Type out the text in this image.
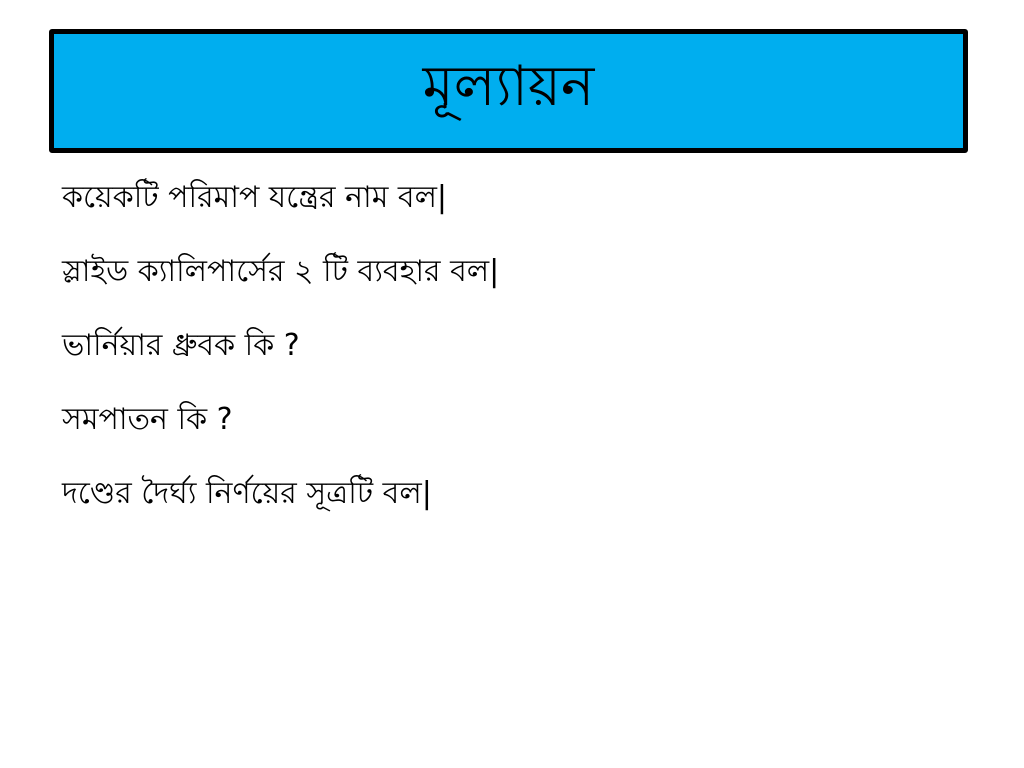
মূল্যায়ন
কয়েকটি পরিমাপ যন্ত্রের নাম বল|
স্লাইড ক্যালিপার্সের ২ টি ব্যবহার বল|
ভার্নিয়ার ধ্রুবক কি ?
সমপাতন কি ?
দণ্ডের দৈর্ঘ্য নির্ণয়ের সূত্রটি বল|
